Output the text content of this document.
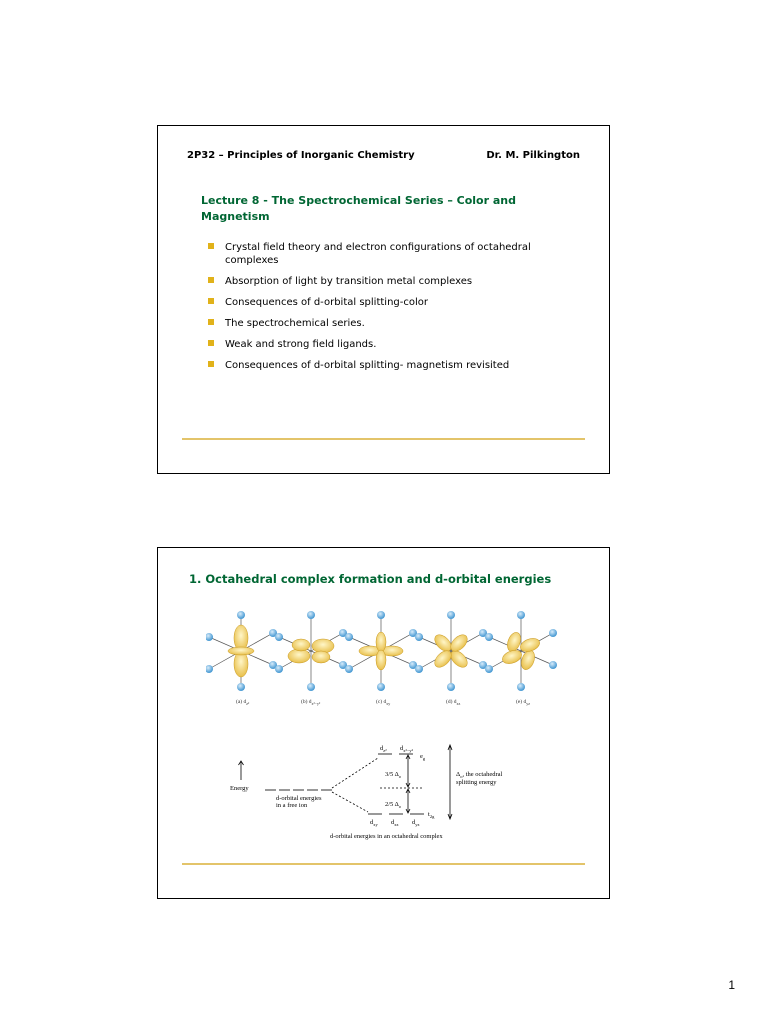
2P32 – Principles of Inorganic Chemistry	Dr. M. Pilkington
Lecture 8 - The Spectrochemical Series – Color and Magnetism
Crystal field theory and electron configurations of octahedral complexes
Absorption of light by transition metal complexes
Consequences of d-orbital splitting-color
The spectrochemical series.
Weak and strong field ligands.
Consequences of d-orbital splitting- magnetism revisited
1. Octahedral complex formation and d-orbital energies
(a) $d_{z^2}$	(b) $d_{x^2-y^2}$	(c) $d_{xy}$	(d) $d_{xz}$	(e) $d_{yz}$
Energy
d-orbital energies
in a free ion
$d_{z^2}$ $d_{x^2-y^2}$
$e_g$
3/5 $\Delta_o$
2/5 $\Delta_o$
$d_{xy}$ $d_{xz}$ $d_{yz}$
$t_{2g}$
$\Delta_o$, the octahedral
splitting energy
d-orbital energies in an octahedral complex
1
